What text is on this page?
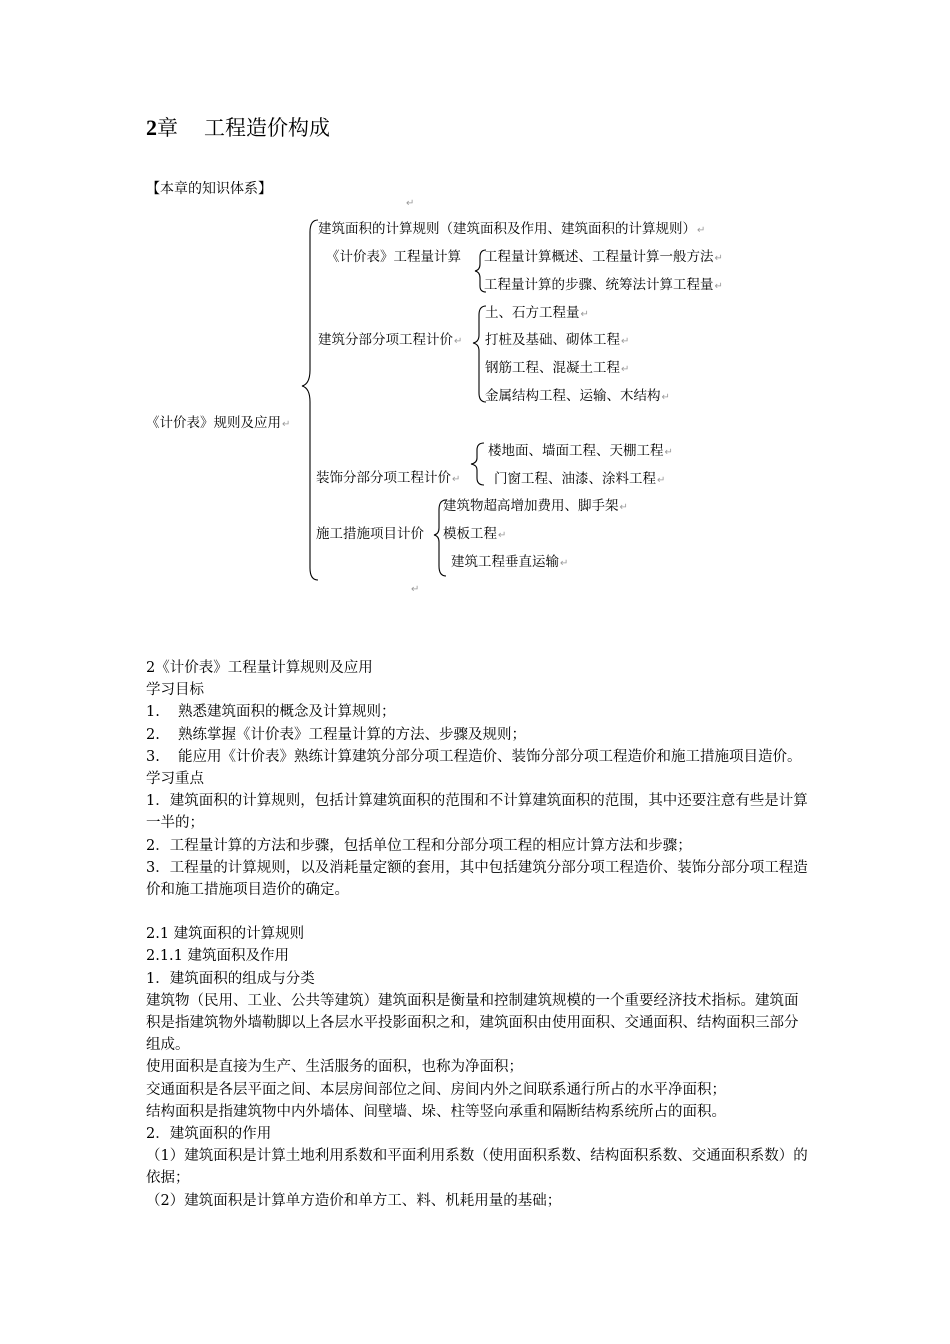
2章 工程造价构成
【本章的知识体系】
↵
↵
《计价表》规则及应用↵
建筑面积的计算规则（建筑面积及作用、建筑面积的计算规则）↵
《计价表》工程量计算
建筑分部分项工程计价↵
装饰分部分项工程计价↵
施工措施项目计价
工程量计算概述、工程量计算一般方法↵
工程量计算的步骤、统筹法计算工程量↵
土、石方工程量↵
打桩及基础、砌体工程↵
钢筋工程、混凝土工程↵
金属结构工程、运输、木结构↵
楼地面、墙面工程、天棚工程↵
门窗工程、油漆、涂料工程↵
建筑物超高增加费用、脚手架↵
模板工程↵
建筑工程垂直运输↵

2《计价表》工程量计算规则及应用

学习目标

1. 熟悉建筑面积的概念及计算规则；

2. 熟练掌握《计价表》工程量计算的方法、步骤及规则；

3. 能应用《计价表》熟练计算建筑分部分项工程造价、装饰分部分项工程造价和施工措施项目造价。

学习重点

1．建筑面积的计算规则，包括计算建筑面积的范围和不计算建筑面积的范围，其中还要注意有些是计算一半的；

2．工程量计算的方法和步骤，包括单位工程和分部分项工程的相应计算方法和步骤；

3．工程量的计算规则，以及消耗量定额的套用，其中包括建筑分部分项工程造价、装饰分部分项工程造价和施工措施项目造价的确定。

2.1 建筑面积的计算规则

2.1.1 建筑面积及作用

1．建筑面积的组成与分类

建筑物（民用、工业、公共等建筑）建筑面积是衡量和控制建筑规模的一个重要经济技术指标。建筑面积是指建筑物外墙勒脚以上各层水平投影面积之和，建筑面积由使用面积、交通面积、结构面积三部分组成。

使用面积是直接为生产、生活服务的面积，也称为净面积；

交通面积是各层平面之间、本层房间部位之间、房间内外之间联系通行所占的水平净面积；

结构面积是指建筑物中内外墙体、间壁墙、垛、柱等竖向承重和隔断结构系统所占的面积。

2．建筑面积的作用

（1）建筑面积是计算土地利用系数和平面利用系数（使用面积系数、结构面积系数、交通面积系数）的依据；

（2）建筑面积是计算单方造价和单方工、料、机耗用量的基础；
